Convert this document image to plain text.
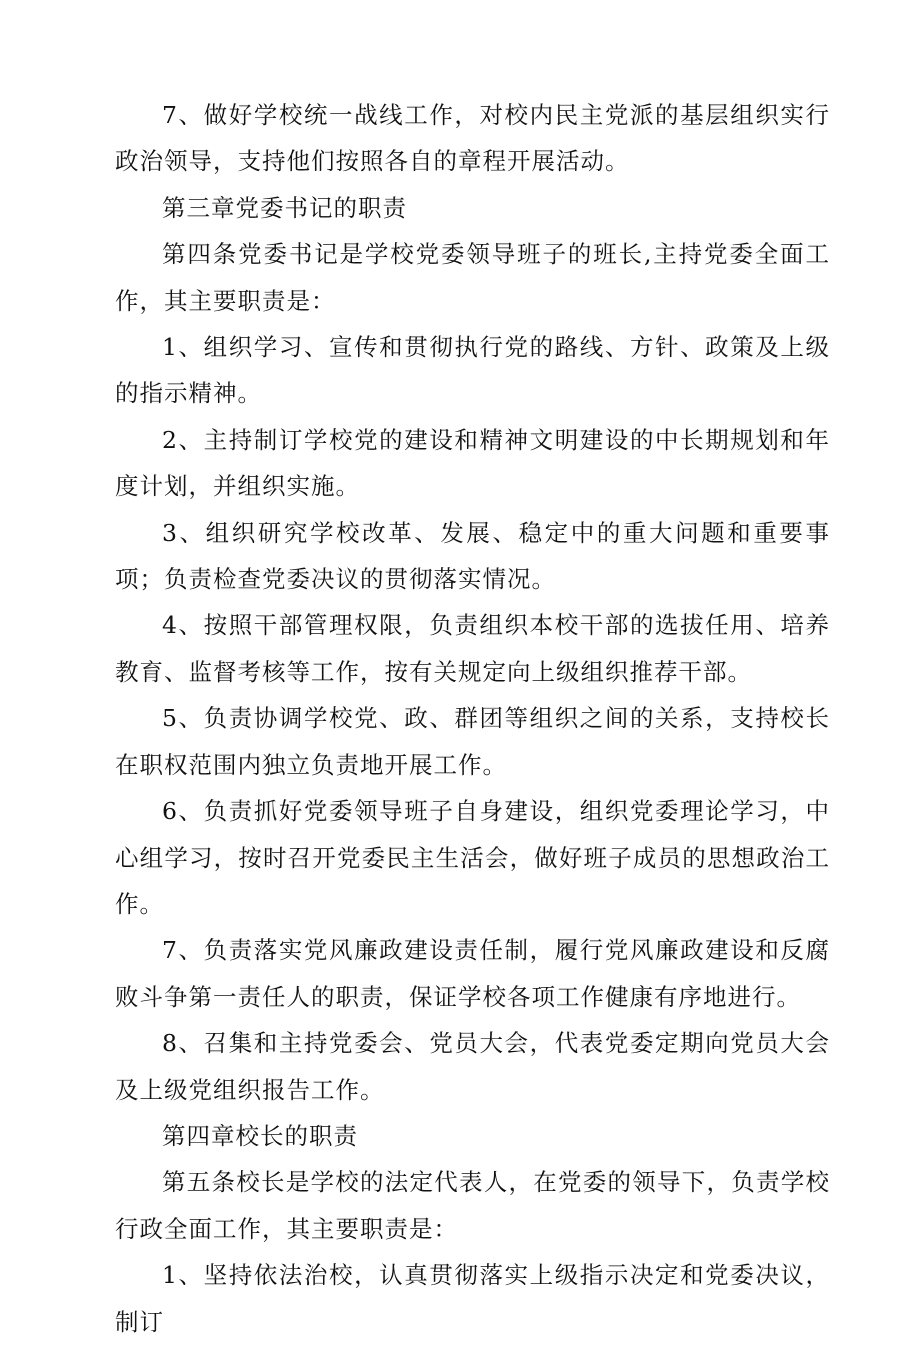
7、做好学校统一战线工作，对校内民主党派的基层组织实行政治领导，支持他们按照各自的章程开展活动。

第三章党委书记的职责

第四条党委书记是学校党委领导班子的班长,主持党委全面工作，其主要职责是：

1、组织学习、宣传和贯彻执行党的路线、方针、政策及上级的指示精神。

2、主持制订学校党的建设和精神文明建设的中长期规划和年度计划，并组织实施。

3、组织研究学校改革、发展、稳定中的重大问题和重要事项；负责检查党委决议的贯彻落实情况。

4、按照干部管理权限，负责组织本校干部的选拔任用、培养教育、监督考核等工作，按有关规定向上级组织推荐干部。

5、负责协调学校党、政、群团等组织之间的关系，支持校长在职权范围内独立负责地开展工作。

6、负责抓好党委领导班子自身建设，组织党委理论学习，中心组学习，按时召开党委民主生活会，做好班子成员的思想政治工作。

7、负责落实党风廉政建设责任制，履行党风廉政建设和反腐败斗争第一责任人的职责，保证学校各项工作健康有序地进行。

8、召集和主持党委会、党员大会，代表党委定期向党员大会及上级党组织报告工作。

第四章校长的职责

第五条校长是学校的法定代表人，在党委的领导下，负责学校行政全面工作，其主要职责是：

1、坚持依法治校，认真贯彻落实上级指示决定和党委决议，制订
